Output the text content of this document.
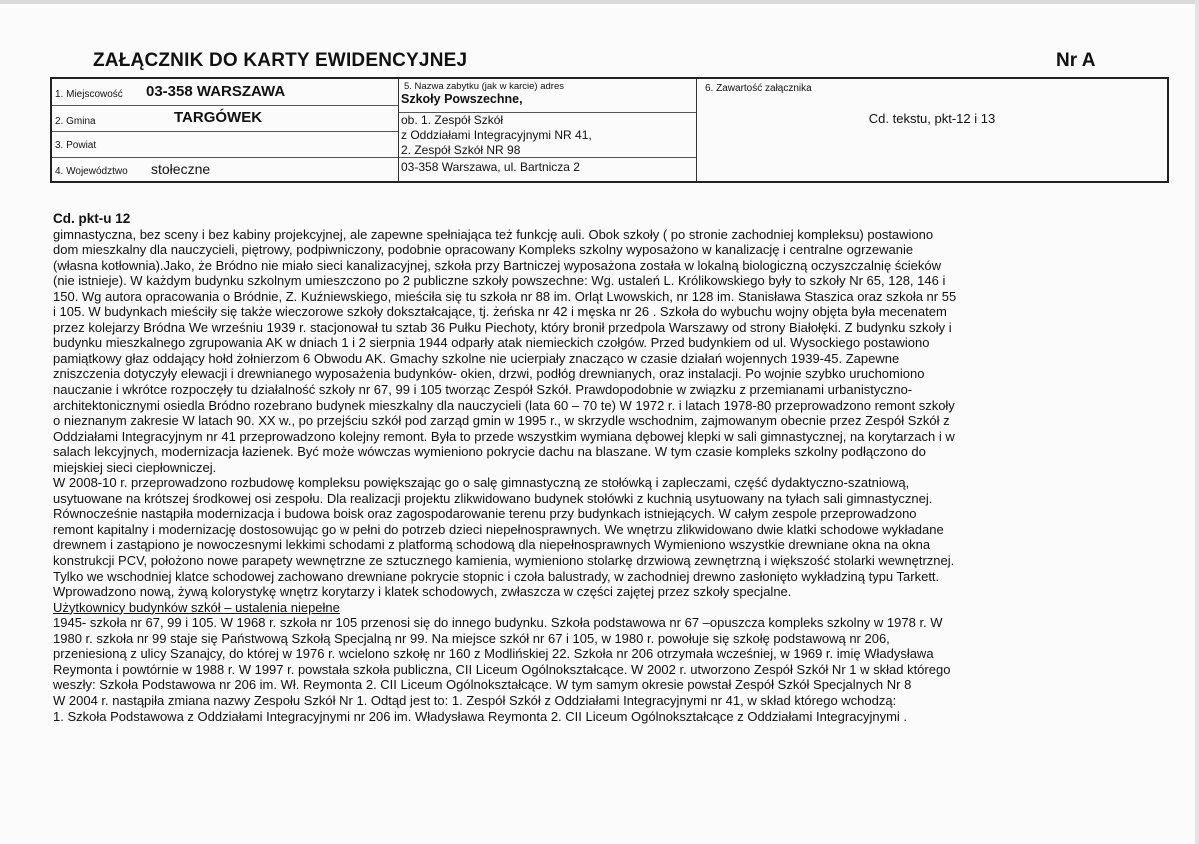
ZAŁĄCZNIK DO KARTY EWIDENCYJNEJ	Nr A
1. Miejscowość 03-358 WARSZAWA
2. Gmina	TARGÓWEK
3. Powiat
4. Województwo stołeczne
5. Nazwa zabytku (jak w karcie) adres
Szkoły Powszechne,
ob. 1. Zespół Szkół
z Oddziałami Integracyjnymi NR 41,
2. Zespół Szkół NR 98
03-358 Warszawa, ul. Bartnicza 2
6. Zawartość załącznika
Cd. tekstu, pkt-12 i 13
Cd. pkt-u 12

gimnastyczna, bez sceny i bez kabiny projekcyjnej, ale zapewne spełniająca też funkcję auli. Obok szkoły ( po stronie zachodniej kompleksu) postawiono

dom mieszkalny dla nauczycieli, piętrowy, podpiwniczony, podobnie opracowany Kompleks szkolny wyposażono w kanalizację i centralne ogrzewanie

(własna kotłownia).Jako, że Bródno nie miało sieci kanalizacyjnej, szkoła przy Bartniczej wyposażona została w lokalną biologiczną oczyszczalnię ścieków

(nie istnieje). W każdym budynku szkolnym umieszczono po 2 publiczne szkoły powszechne: Wg. ustaleń L. Królikowskiego były to szkoły Nr 65, 128, 146 i

150. Wg autora opracowania o Bródnie, Z. Kuźniewskiego, mieściła się tu szkoła nr 88 im. Orląt Lwowskich, nr 128 im. Stanisława Staszica oraz szkoła nr 55

i 105. W budynkach mieściły się także wieczorowe szkoły dokształcające, tj. żeńska nr 42 i męska nr 26 . Szkoła do wybuchu wojny objęta była mecenatem

przez kolejarzy Bródna We wrześniu 1939 r. stacjonował tu sztab 36 Pułku Piechoty, który bronił przedpola Warszawy od strony Białołęki. Z budynku szkoły i

budynku mieszkalnego zgrupowania AK w dniach 1 i 2 sierpnia 1944 odparły atak niemieckich czołgów. Przed budynkiem od ul. Wysockiego postawiono

pamiątkowy głaz oddający hołd żołnierzom 6 Obwodu AK. Gmachy szkolne nie ucierpiały znacząco w czasie działań wojennych 1939-45. Zapewne

zniszczenia dotyczyły elewacji i drewnianego wyposażenia budynków- okien, drzwi, podłóg drewnianych, oraz instalacji. Po wojnie szybko uruchomiono

nauczanie i wkrótce rozpoczęły tu działalność szkoły nr 67, 99 i 105 tworząc Zespół Szkół. Prawdopodobnie w związku z przemianami urbanistyczno-

architektonicznymi osiedla Bródno rozebrano budynek mieszkalny dla nauczycieli (lata 60 – 70 te) W 1972 r. i latach 1978-80 przeprowadzono remont szkoły

o nieznanym zakresie W latach 90. XX w., po przejściu szkół pod zarząd gmin w 1995 r., w skrzydle wschodnim, zajmowanym obecnie przez Zespół Szkół z

Oddziałami Integracyjnym nr 41 przeprowadzono kolejny remont. Była to przede wszystkim wymiana dębowej klepki w sali gimnastycznej, na korytarzach i w

salach lekcyjnych, modernizacja łazienek. Być może wówczas wymieniono pokrycie dachu na blaszane. W tym czasie kompleks szkolny podłączono do

miejskiej sieci ciepłowniczej.

W 2008-10 r. przeprowadzono rozbudowę kompleksu powiększając go o salę gimnastyczną ze stołówką i zapleczami, część dydaktyczno-szatniową,

usytuowane na krótszej środkowej osi zespołu. Dla realizacji projektu zlikwidowano budynek stołówki z kuchnią usytuowany na tyłach sali gimnastycznej.

Równocześnie nastąpiła modernizacja i budowa boisk oraz zagospodarowanie terenu przy budynkach istniejących. W całym zespole przeprowadzono

remont kapitalny i modernizację dostosowując go w pełni do potrzeb dzieci niepełnosprawnych. We wnętrzu zlikwidowano dwie klatki schodowe wykładane

drewnem i zastąpiono je nowoczesnymi lekkimi schodami z platformą schodową dla niepełnosprawnych Wymieniono wszystkie drewniane okna na okna

konstrukcji PCV, położono nowe parapety wewnętrzne ze sztucznego kamienia, wymieniono stolarkę drzwiową zewnętrzną i większość stolarki wewnętrznej.

Tylko we wschodniej klatce schodowej zachowano drewniane pokrycie stopnic i czoła balustrady, w zachodniej drewno zasłonięto wykładziną typu Tarkett.

Wprowadzono nową, żywą kolorystykę wnętrz korytarzy i klatek schodowych, zwłaszcza w części zajętej przez szkoły specjalne.

Użytkownicy budynków szkół – ustalenia niepełne

1945- szkoła nr 67, 99 i 105. W 1968 r. szkoła nr 105 przenosi się do innego budynku. Szkoła podstawowa nr 67 –opuszcza kompleks szkolny w 1978 r. W

1980 r. szkoła nr 99 staje się Państwową Szkołą Specjalną nr 99. Na miejsce szkół nr 67 i 105, w 1980 r. powołuje się szkołę podstawową nr 206,

przeniesioną z ulicy Szanajcy, do której w 1976 r. wcielono szkołę nr 160 z Modlińskiej 22. Szkoła nr 206 otrzymała wcześniej, w 1969 r. imię Władysława

Reymonta i powtórnie w 1988 r. W 1997 r. powstała szkoła publiczna, CII Liceum Ogólnokształcące. W 2002 r. utworzono Zespół Szkół Nr 1 w skład którego

weszły: Szkoła Podstawowa nr 206 im. Wł. Reymonta 2. CII Liceum Ogólnokształcące. W tym samym okresie powstał Zespół Szkół Specjalnych Nr 8

W 2004 r. nastąpiła zmiana nazwy Zespołu Szkół Nr 1. Odtąd jest to: 1. Zespół Szkół z Oddziałami Integracyjnymi nr 41, w skład którego wchodzą:

1. Szkoła Podstawowa z Oddziałami Integracyjnymi nr 206 im. Władysława Reymonta 2. CII Liceum Ogólnokształcące z Oddziałami Integracyjnymi .
